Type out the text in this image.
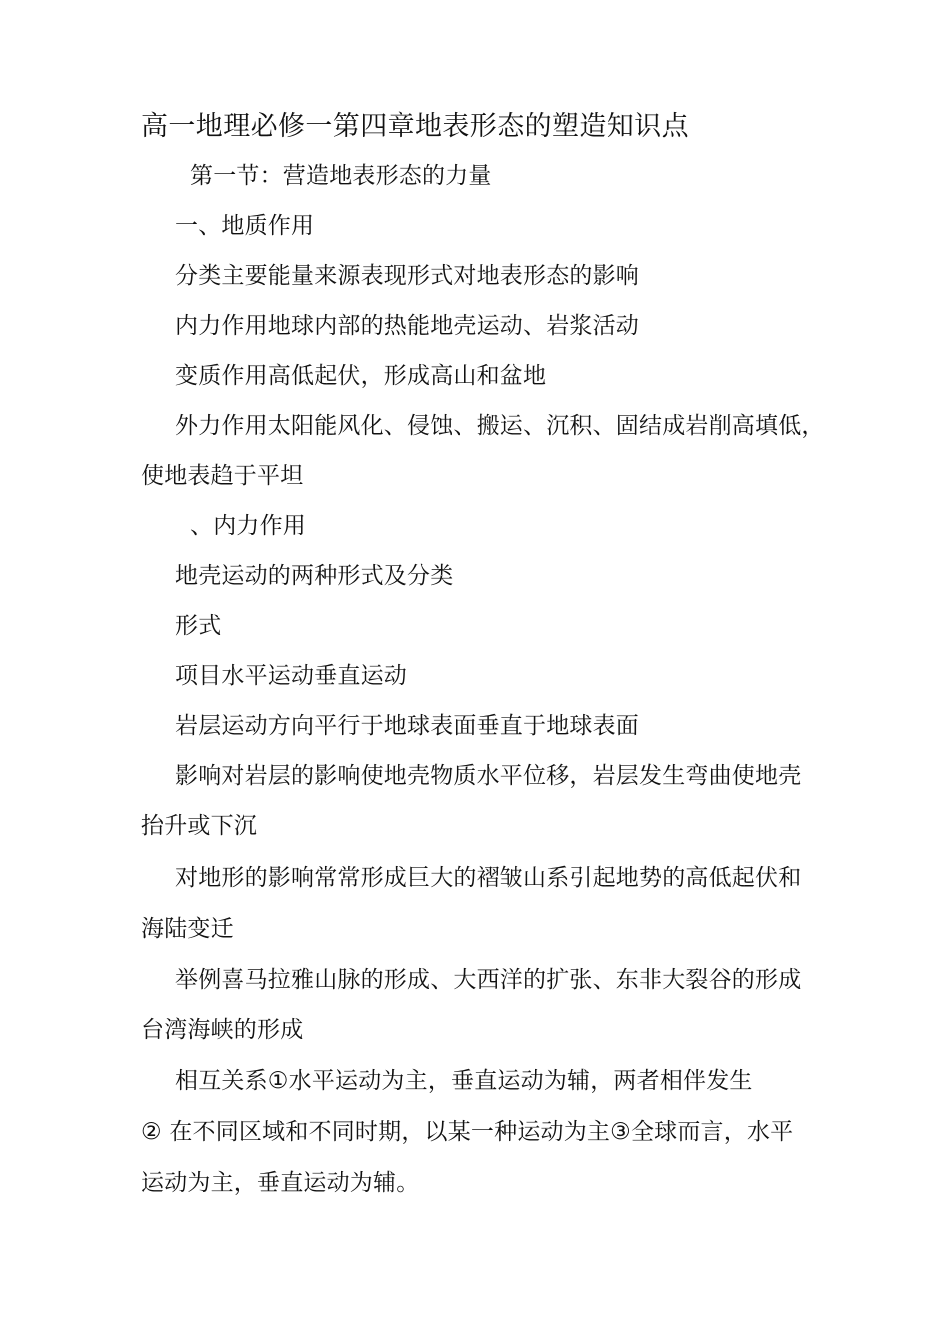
高一地理必修一第四章地表形态的塑造知识点
第一节：营造地表形态的力量
一、地质作用
分类主要能量来源表现形式对地表形态的影响
内力作用地球内部的热能地壳运动、岩浆活动
变质作用高低起伏，形成高山和盆地
外力作用太阳能风化、侵蚀、搬运、沉积、固结成岩削高填低，
使地表趋于平坦
、内力作用
地壳运动的两种形式及分类
形式
项目水平运动垂直运动
岩层运动方向平行于地球表面垂直于地球表面
影响对岩层的影响使地壳物质水平位移，岩层发生弯曲使地壳
抬升或下沉
对地形的影响常常形成巨大的褶皱山系引起地势的高低起伏和
海陆变迁
举例喜马拉雅山脉的形成、大西洋的扩张、东非大裂谷的形成
台湾海峡的形成
相互关系①水平运动为主，垂直运动为辅，两者相伴发生
② 在不同区域和不同时期，以某一种运动为主③全球而言，水平
运动为主，垂直运动为辅。
